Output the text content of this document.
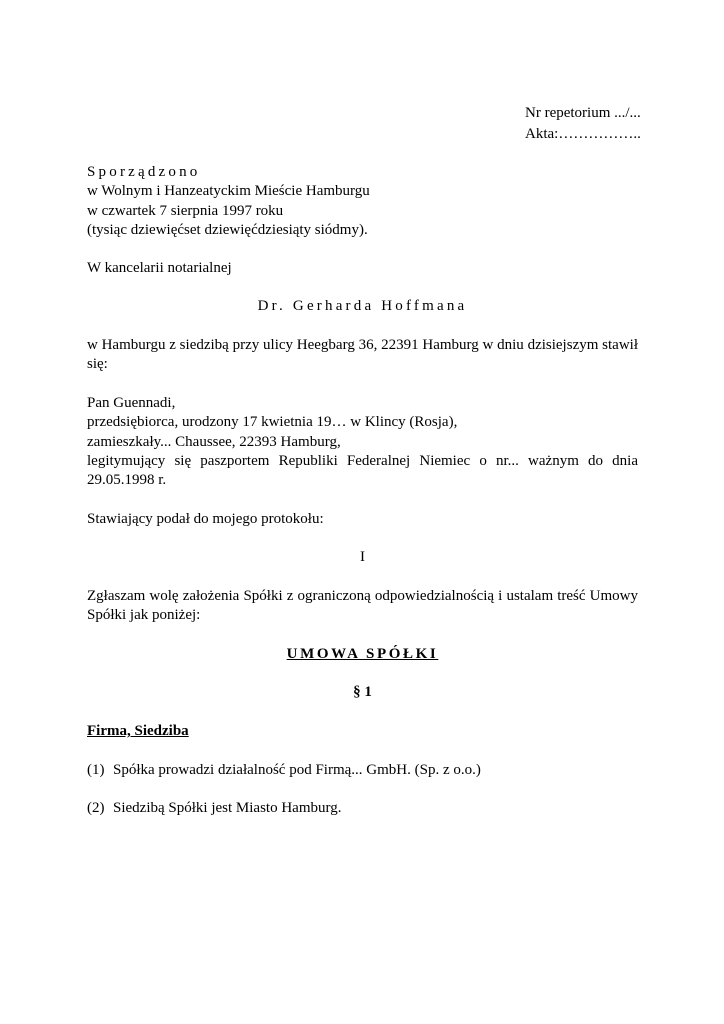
Nr repetorium .../...
Akta:……………..
Sporządzono
w Wolnym i Hanzeatyckim Mieście Hamburgu
w czwartek 7 sierpnia 1997 roku
(tysiąc dziewięćset dziewięćdziesiąty siódmy).
W kancelarii notarialnej
Dr. Gerharda Hoffmana
w Hamburgu z siedzibą przy ulicy Heegbarg 36, 22391 Hamburg w dniu dzisiejszym stawił
się:
Pan Guennadi,
przedsiębiorca, urodzony 17 kwietnia 19… w Klincy (Rosja),
zamieszkały... Chaussee, 22393 Hamburg,
legitymujący się paszportem Republiki Federalnej Niemiec o nr... ważnym do dnia
29.05.1998 r.
Stawiający podał do mojego protokołu:
I
Zgłaszam wolę założenia Spółki z ograniczoną odpowiedzialnością i ustalam treść Umowy
Spółki jak poniżej:
UMOWA SPÓŁKI
§ 1
Firma, Siedziba
(1) Spółka prowadzi działalność pod Firmą... GmbH. (Sp. z o.o.)
(2) Siedzibą Spółki jest Miasto Hamburg.
